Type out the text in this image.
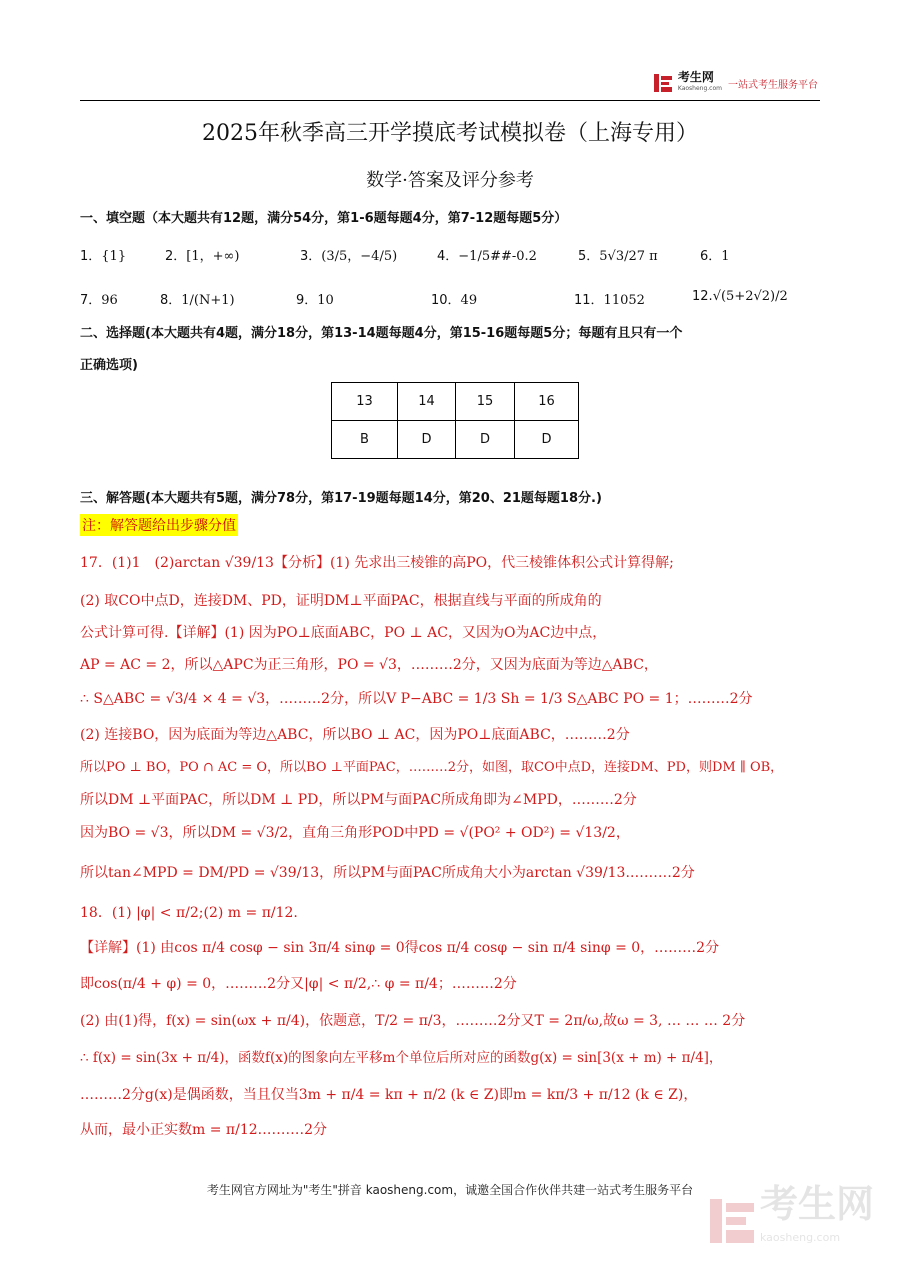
考生网
Kaosheng.com 一站式考生服务平台
2025年秋季高三开学摸底考试模拟卷（上海专用）
数学·答案及评分参考
一、填空题（本大题共有12题，满分54分，第1-6题每题4分，第7-12题每题5分）
1．{1}	2．[1，+∞)	3．(3/5，−4/5)	4．−1/5##-0.2	5．5√3/27 π	6．1
7．96	8．1/(N+1)	9．10	10．49	11．11052	12.√(5+2√2)/2
二、选择题(本大题共有4题，满分18分，第13-14题每题4分，第15-16题每题5分；每题有且只有一个
正确选项)
13	14	15	16
B	D	D	D
三、解答题(本大题共有5题，满分78分，第17-19题每题14分，第20、21题每题18分.)
注：解答题给出步骤分值
17．(1)1　(2)arctan √39/13【分析】(1) 先求出三棱锥的高PO，代三棱锥体积公式计算得解;
(2) 取CO中点D，连接DM、PD，证明DM⊥平面PAC，根据直线与平面的所成角的
公式计算可得.【详解】(1) 因为PO⊥底面ABC，PO ⊥ AC，又因为O为AC边中点，
AP = AC = 2，所以△APC为正三角形，PO = √3，………2分，又因为底面为等边△ABC，
∴ S△ABC = √3/4 × 4 = √3，………2分，所以V P−ABC = 1/3 Sh = 1/3 S△ABC PO = 1；………2分
(2) 连接BO，因为底面为等边△ABC，所以BO ⊥ AC，因为PO⊥底面ABC，………2分
所以PO ⊥ BO，PO ∩ AC = O，所以BO ⊥平面PAC，………2分，如图，取CO中点D，连接DM、PD，则DM ∥ OB，
所以DM ⊥平面PAC，所以DM ⊥ PD，所以PM与面PAC所成角即为∠MPD，………2分
因为BO = √3，所以DM = √3/2，直角三角形POD中PD = √(PO² + OD²) = √13/2，
所以tan∠MPD = DM/PD = √39/13，所以PM与面PAC所成角大小为arctan √39/13.………2分
18．(1) |φ| < π/2;(2) m = π/12.
【详解】(1) 由cos π/4 cosφ − sin 3π/4 sinφ = 0得cos π/4 cosφ − sin π/4 sinφ = 0，………2分
即cos(π/4 + φ) = 0，………2分又|φ| < π/2,∴ φ = π/4；………2分
(2) 由(1)得，f(x) = sin(ωx + π/4)，依题意，T/2 = π/3，………2分又T = 2π/ω,故ω = 3, … … … 2分
∴ f(x) = sin(3x + π/4)，函数f(x)的图象向左平移m个单位后所对应的函数g(x) = sin[3(x + m) + π/4]，
………2分g(x)是偶函数，当且仅当3m + π/4 = kπ + π/2 (k ∈ Z)即m = kπ/3 + π/12 (k ∈ Z)，
从而，最小正实数m = π/12.………2分
考生网官方网址为"考生"拼音 kaosheng.com，诚邀全国合作伙伴共建一站式考生服务平台	考生网
kaosheng.com
